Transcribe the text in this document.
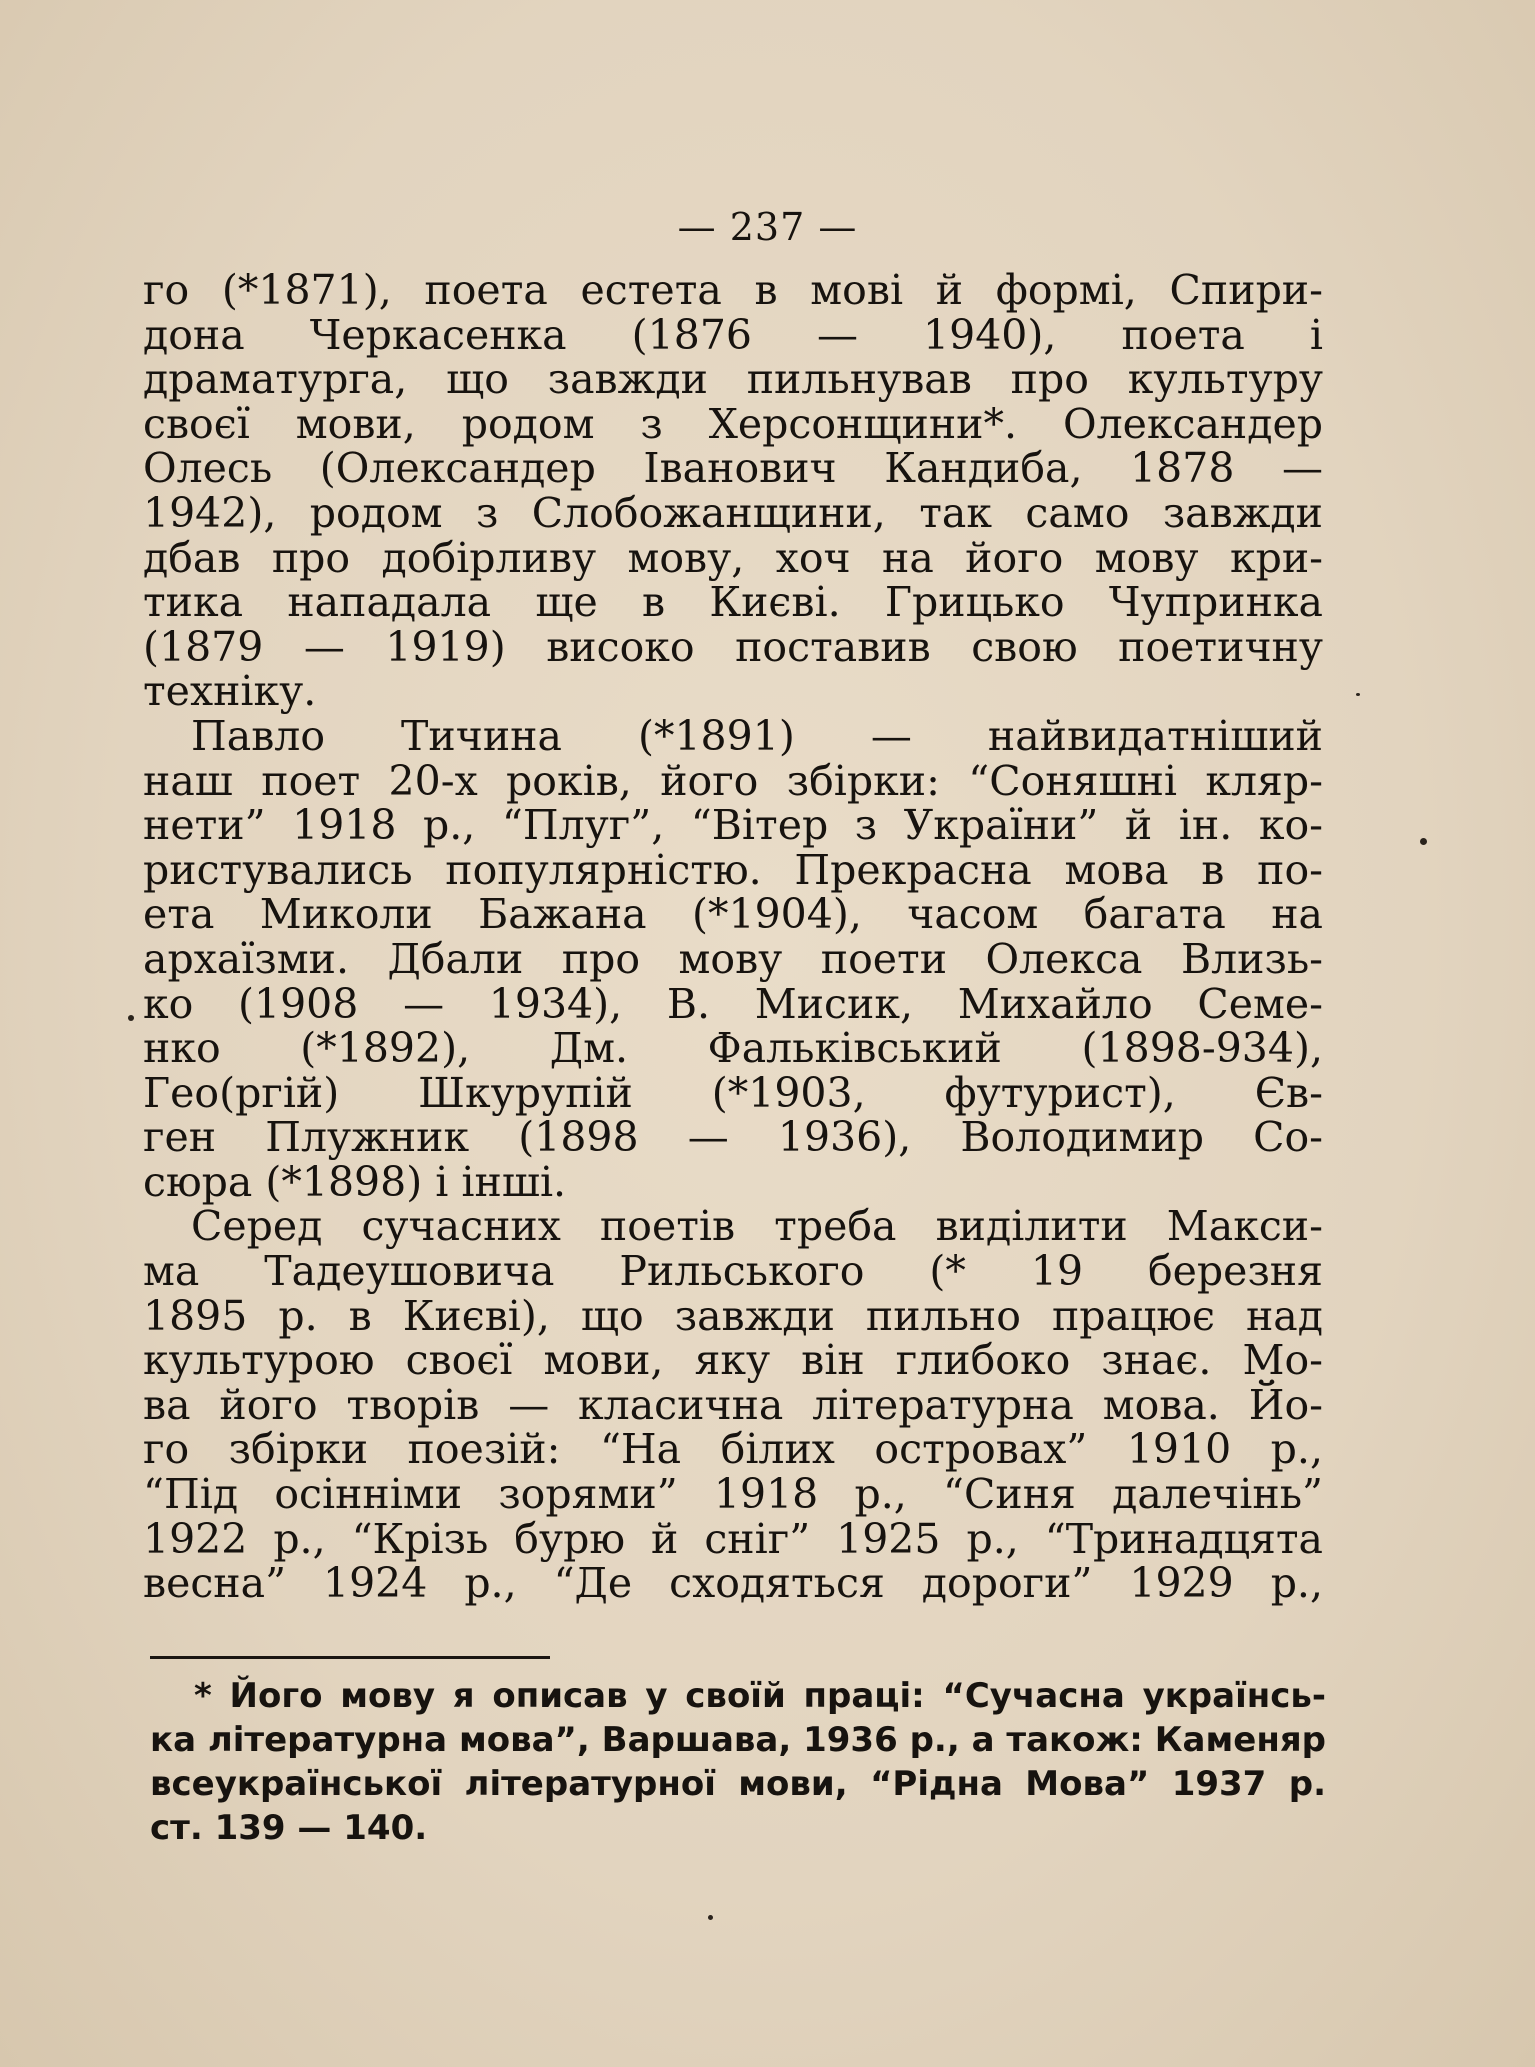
— 237 —
го (*1871), поета естета в мові й формі, Спири-
дона Черкасенка (1876 — 1940), поета і
драматурга, що завжди пильнував про культуру
своєї мови, родом з Херсонщини*. Олександер
Олесь (Олександер Іванович Кандиба, 1878 —
1942), родом з Слобожанщини, так само завжди
дбав про добірливу мову, хоч на його мову кри-
тика нападала ще в Києві. Грицько Чупринка
(1879 — 1919) високо поставив свою поетичну
техніку.
Павло Тичина (*1891) — найвидатніший
наш поет 20-х років, його збірки: “Соняшні кляр-
нети” 1918 р., “Плуг”, “Вітер з України” й ін. ко-
ристувались популярністю. Прекрасна мова в по-
ета Миколи Бажана (*1904), часом багата на
архаїзми. Дбали про мову поети Олекса Влизь-
ко (1908 — 1934), В. Мисик, Михайло Семе-
нко (*1892), Дм. Фальківський (1898-934),
Гео(ргій) Шкурупій (*1903, футурист), Єв-
ген Плужник (1898 — 1936), Володимир Со-
сюра (*1898) і інші.
Серед сучасних поетів треба виділити Макси-
ма Тадеушовича Рильського (* 19 березня
1895 р. в Києві), що завжди пильно працює над
культурою своєї мови, яку він глибоко знає. Мо-
ва його творів — класична літературна мова. Йо-
го збірки поезій: “На білих островах” 1910 р.,
“Під осінніми зорями” 1918 р., “Синя далечінь”
1922 р., “Крізь бурю й сніг” 1925 р., “Тринадцята
весна” 1924 р., “Де сходяться дороги” 1929 р.,
* Його мову я описав у своїй праці: “Сучасна українсь-
ка літературна мова”, Варшава, 1936 р., а також: Каменяр
всеукраїнської літературної мови, “Рідна Мова” 1937 р.
ст. 139 — 140.
